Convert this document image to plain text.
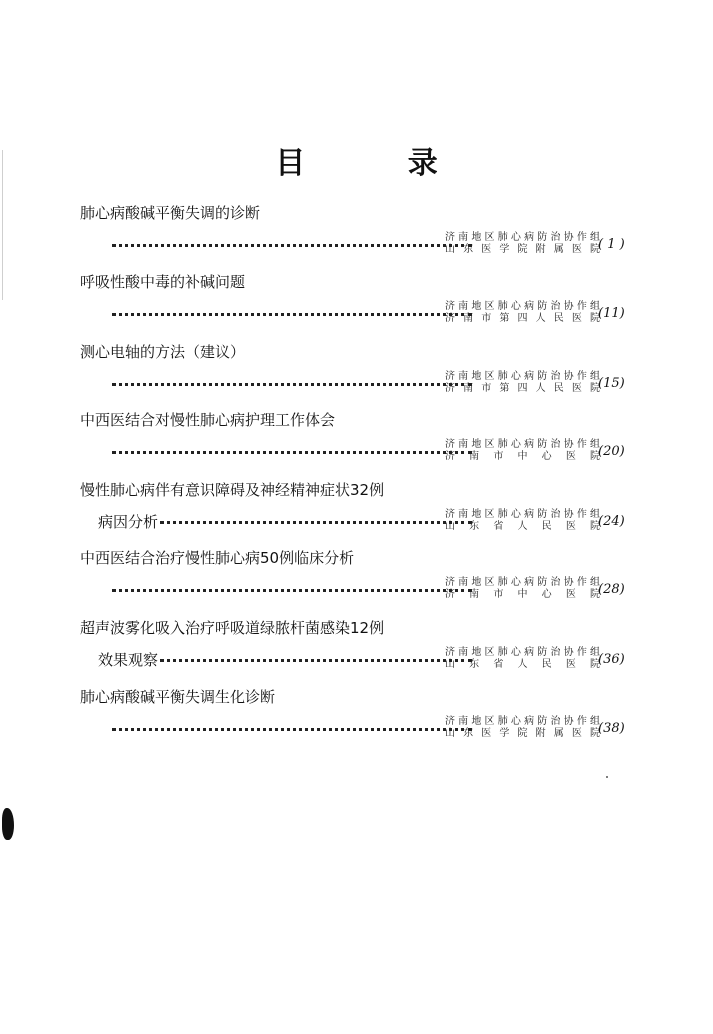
目 录
肺心病酸碱平衡失调的诊断
济南地区肺心病防治协作组
山东医学院附属医院
( 1 )
呼吸性酸中毒的补碱问题
济南地区肺心病防治协作组
济南市第四人民医院
(11)
测心电轴的方法（建议）
济南地区肺心病防治协作组
济南市第四人民医院
(15)
中西医结合对慢性肺心病护理工作体会
济南地区肺心病防治协作组
济南市中心医院
(20)
慢性肺心病伴有意识障碍及神经精神症状32例
病因分析	济南地区肺心病防治协作组
山东省人民医院
(24)
中西医结合治疗慢性肺心病50例临床分析
济南地区肺心病防治协作组
济南市中心医院
(28)
超声波雾化吸入治疗呼吸道绿脓杆菌感染12例
效果观察	济南地区肺心病防治协作组
山东省人民医院
(36)
肺心病酸碱平衡失调生化诊断
济南地区肺心病防治协作组
山东医学院附属医院
(38)
